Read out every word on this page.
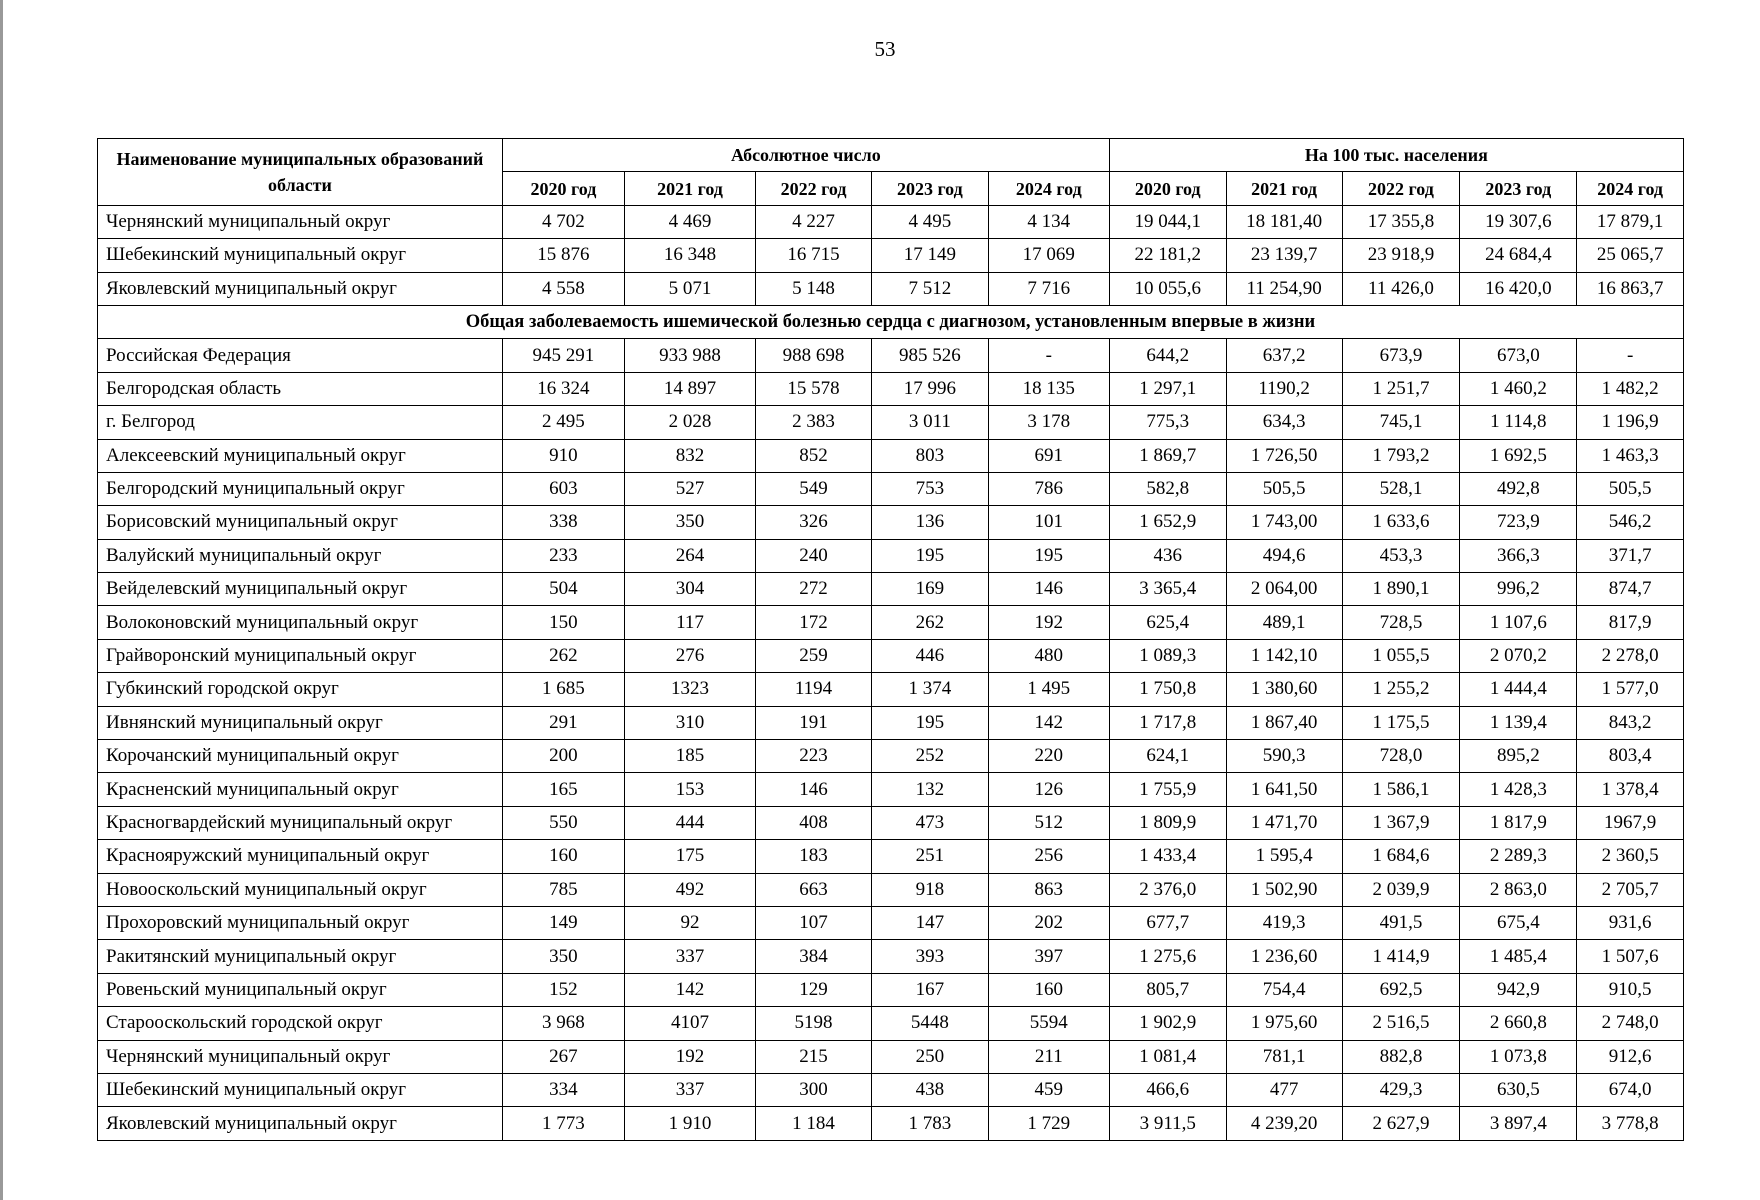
53
Наименование муниципальных образований области	Абсолютное число					На 100 тыс. населения				
	2020 год	2021 год	2022 год	2023 год	2024 год	2020 год	2021 год	2022 год	2023 год	2024 год
Чернянский муниципальный округ	4 702	4 469	4 227	4 495	4 134	19 044,1	18 181,40	17 355,8	19 307,6	17 879,1
Шебекинский муниципальный округ	15 876	16 348	16 715	17 149	17 069	22 181,2	23 139,7	23 918,9	24 684,4	25 065,7
Яковлевский муниципальный округ	4 558	5 071	5 148	7 512	7 716	10 055,6	11 254,90	11 426,0	16 420,0	16 863,7
Общая заболеваемость ишемической болезнью сердца с диагнозом, установленным впервые в жизни										
Российская Федерация	945 291	933 988	988 698	985 526	-	644,2	637,2	673,9	673,0	-
Белгородская область	16 324	14 897	15 578	17 996	18 135	1 297,1	1190,2	1 251,7	1 460,2	1 482,2
г. Белгород	2 495	2 028	2 383	3 011	3 178	775,3	634,3	745,1	1 114,8	1 196,9
Алексеевский муниципальный округ	910	832	852	803	691	1 869,7	1 726,50	1 793,2	1 692,5	1 463,3
Белгородский муниципальный округ	603	527	549	753	786	582,8	505,5	528,1	492,8	505,5
Борисовский муниципальный округ	338	350	326	136	101	1 652,9	1 743,00	1 633,6	723,9	546,2
Валуйский муниципальный округ	233	264	240	195	195	436	494,6	453,3	366,3	371,7
Вейделевский муниципальный округ	504	304	272	169	146	3 365,4	2 064,00	1 890,1	996,2	874,7
Волоконовский муниципальный округ	150	117	172	262	192	625,4	489,1	728,5	1 107,6	817,9
Грайворонский муниципальный округ	262	276	259	446	480	1 089,3	1 142,10	1 055,5	2 070,2	2 278,0
Губкинский городской округ	1 685	1323	1194	1 374	1 495	1 750,8	1 380,60	1 255,2	1 444,4	1 577,0
Ивнянский муниципальный округ	291	310	191	195	142	1 717,8	1 867,40	1 175,5	1 139,4	843,2
Корочанский муниципальный округ	200	185	223	252	220	624,1	590,3	728,0	895,2	803,4
Красненский муниципальный округ	165	153	146	132	126	1 755,9	1 641,50	1 586,1	1 428,3	1 378,4
Красногвардейский муниципальный округ	550	444	408	473	512	1 809,9	1 471,70	1 367,9	1 817,9	1967,9
Краснояружский муниципальный округ	160	175	183	251	256	1 433,4	1 595,4	1 684,6	2 289,3	2 360,5
Новооскольский муниципальный округ	785	492	663	918	863	2 376,0	1 502,90	2 039,9	2 863,0	2 705,7
Прохоровский муниципальный округ	149	92	107	147	202	677,7	419,3	491,5	675,4	931,6
Ракитянский муниципальный округ	350	337	384	393	397	1 275,6	1 236,60	1 414,9	1 485,4	1 507,6
Ровеньский муниципальный округ	152	142	129	167	160	805,7	754,4	692,5	942,9	910,5
Старооскольский городской округ	3 968	4107	5198	5448	5594	1 902,9	1 975,60	2 516,5	2 660,8	2 748,0
Чернянский муниципальный округ	267	192	215	250	211	1 081,4	781,1	882,8	1 073,8	912,6
Шебекинский муниципальный округ	334	337	300	438	459	466,6	477	429,3	630,5	674,0
Яковлевский муниципальный округ	1 773	1 910	1 184	1 783	1 729	3 911,5	4 239,20	2 627,9	3 897,4	3 778,8
